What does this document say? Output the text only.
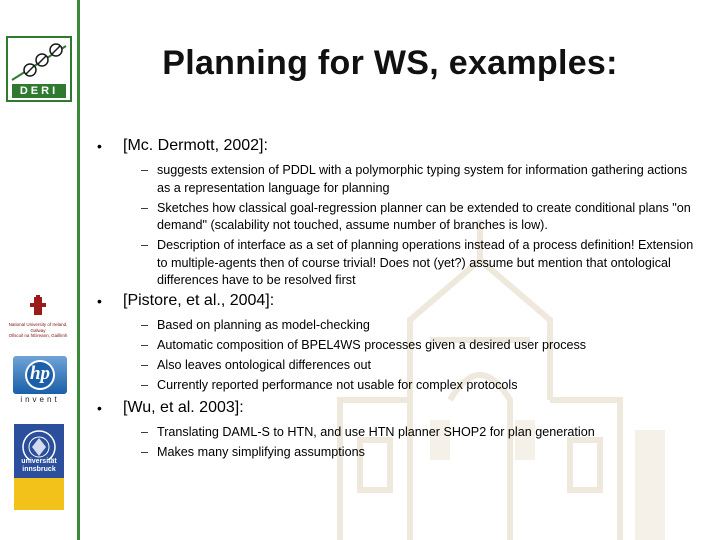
DERI
National University of Ireland, Galway
Ollscoil na hÉireann, Gaillimh
hp
invent
universität
innsbruck
Planning for WS, examples:
•	[Mc. Dermott, 2002]:
– suggests extension of PDDL with a polymorphic typing system for information gathering actions as a representation language for planning
– Sketches how classical goal-regression planner can be extended to create conditional plans "on demand" (scalability not touched, assume number of branches is low).
– Description of interface as a set of planning operations instead of a process definition! Extension to multiple-agents then of course trivial! Does not (yet?) assume but mention that ontological differences have to be resolved first
•	[Pistore, et al., 2004]:
– Based on planning as model-checking
– Automatic composition of BPEL4WS processes given a desired user process
– Also leaves ontological differences out
– Currently reported performance not usable for complex protocols
•	[Wu, et al. 2003]:
– Translating DAML-S to HTN, and use HTN planner SHOP2 for plan generation
– Makes many simplifying assumptions
